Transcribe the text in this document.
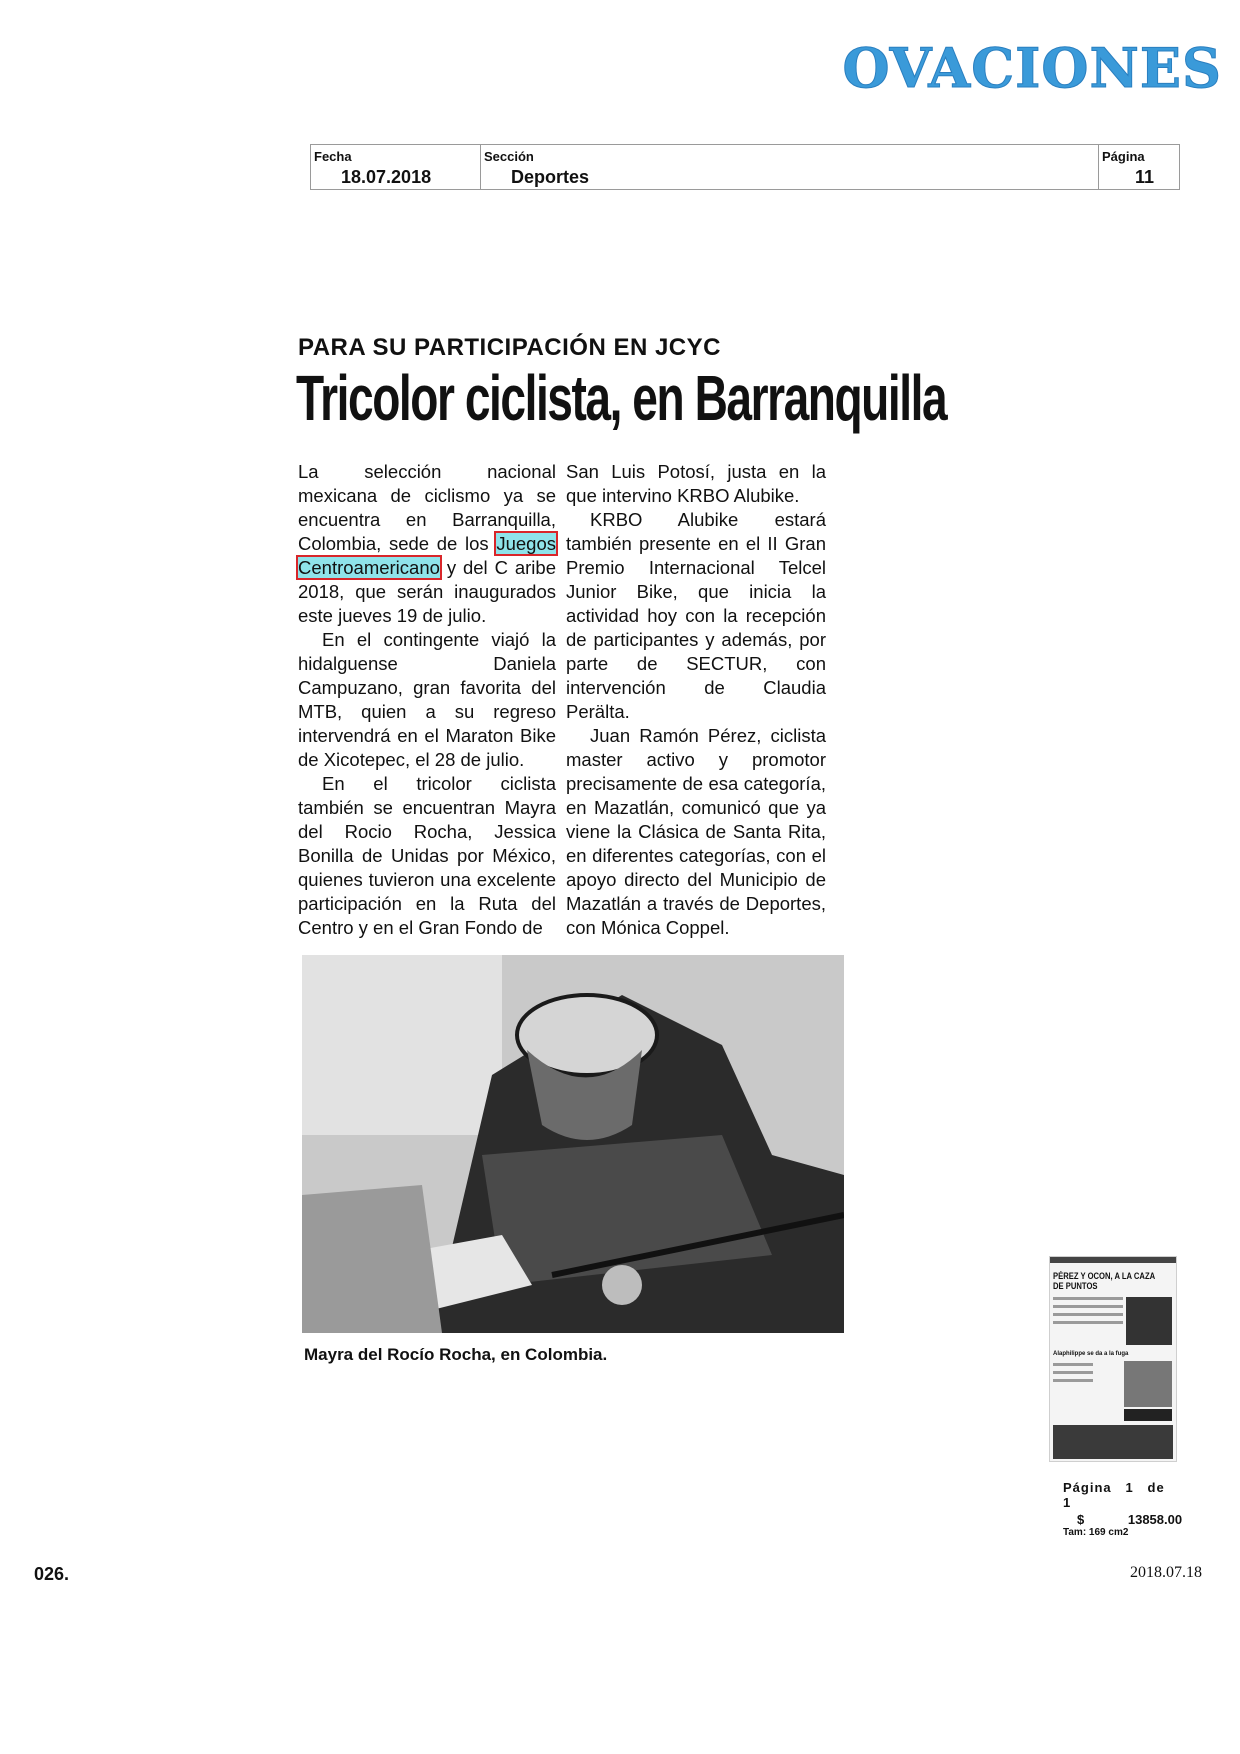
OVACIONES
Fecha
18.07.2018
Sección
Deportes
Página
11
PARA SU PARTICIPACIÓN EN JCYC
Tricolor ciclista, en Barranquilla

La selección nacional mexicana de ciclismo ya se encuentra en Barranquilla, Colombia, sede de los Juegos Centroamericano y del C aribe 2018, que serán inaugurados este jueves 19 de julio.

En el contingente viajó la hidalguense Daniela Campuzano, gran favorita del MTB, quien a su regreso intervendrá en el Maraton Bike de Xicotepec, el 28 de julio.

En el tricolor ciclista también se encuentran Mayra del Rocio Rocha, Jessica Bonilla de Unidas por México, quienes tuvieron una excelente participación en la Ruta del Centro y en el Gran Fondo de

San Luis Potosí, justa en la que intervino KRBO Alubike.

KRBO Alubike estará también presente en el II Gran Premio Internacional Telcel Junior Bike, que inicia la actividad hoy con la recepción de participantes y además, por parte de SECTUR, con intervención de Claudia Perälta.

Juan Ramón Pérez, ciclista master activo y promotor precisamente de esa categoría, en Mazatlán, comunicó que ya viene la Clásica de Santa Rita, en diferentes categorías, con el apoyo directo del Municipio de Mazatlán a través de Deportes, con Mónica Coppel.

Mayra del Rocío Rocha, en Colombia.
PÉREZ Y OCON, A LA CAZA DE PUNTOS
Alaphilippe se da a la fuga
Página 1 de   1
$	13858.00
Tam: 169 cm2
026.	2018.07.18
